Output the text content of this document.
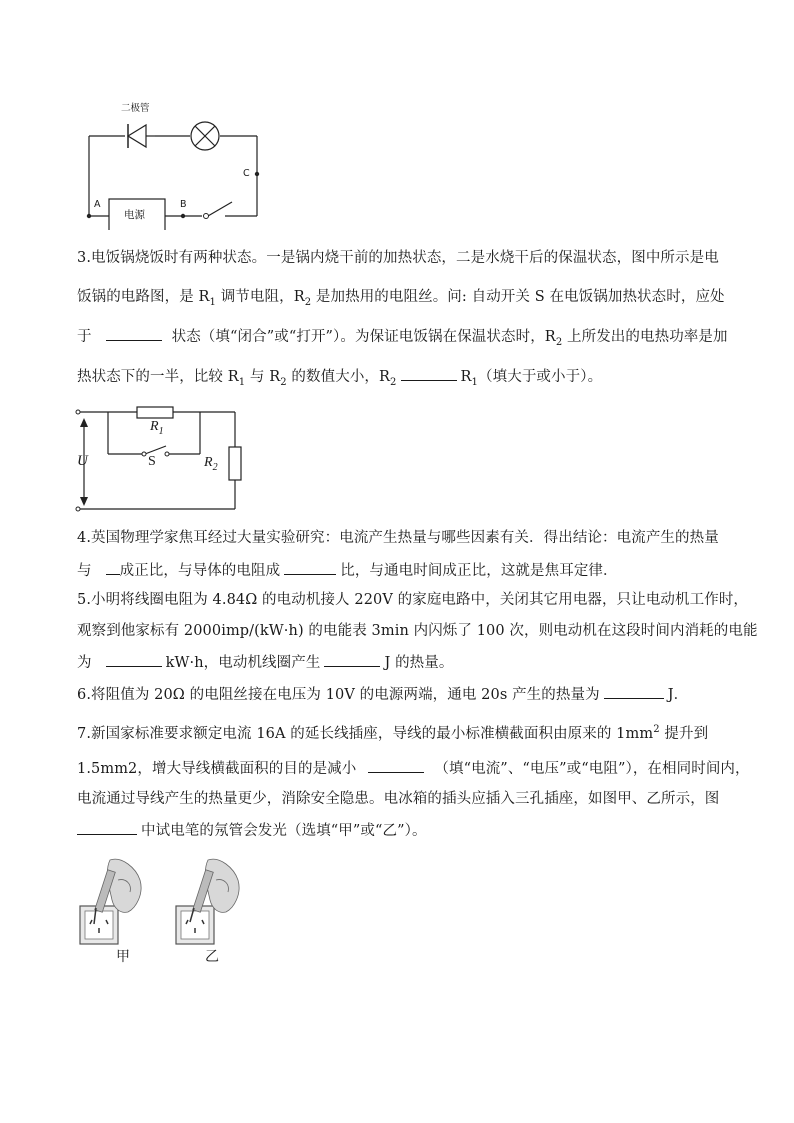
二极管
电源
A	B
C
3.电饭锅烧饭时有两种状态。一是锅内烧干前的加热状态，二是水烧干后的保温状态，图中所示是电
饭锅的电路图，是 $R_1$ 调节电阻，$R_2$ 是加热用的电阻丝。问: 自动开关 S 在电饭锅加热状态时，应处
于	状态（填“闭合”或“打开”）。为保证电饭锅在保温状态时，$R_2$ 上所发出的电热功率是加
热状态下的一半，比较 $R_1$ 与 $R_2$ 的数值大小，$R_2$	$R_1$（填大于或小于）。
$R_1$
S	$R_2$
U
4.英国物理学家焦耳经过大量实验研究：电流产生热量与哪些因素有关．得出结论：电流产生的热量
与 成正比，与导体的电阻成	比，与通电时间成正比，这就是焦耳定律．
5.小明将线圈电阻为 4.84Ω 的电动机接人 220V 的家庭电路中，关闭其它用电器，只让电动机工作时，
观察到他家标有 2000imp/(kW·h) 的电能表 3min 内闪烁了 100 次，则电动机在这段时间内消耗的电能
为	kW·h，电动机线圈产生	J 的热量。
6.将阻值为 20Ω 的电阻丝接在电压为 10V 的电源两端，通电 20s 产生的热量为	J．
7.新国家标准要求额定电流 16A 的延长线插座，导线的最小标准横截面积由原来的 $1mm^2$ 提升到
1.5mm2，增大导线横截面积的目的是减小	（填“电流”、“电压”或“电阻”），在相同时间内，
电流通过导线产生的热量更少，消除安全隐患。电冰箱的插头应插入三孔插座，如图甲、乙所示，图
中试电笔的氖管会发光（选填“甲”或“乙”）。
甲	乙
